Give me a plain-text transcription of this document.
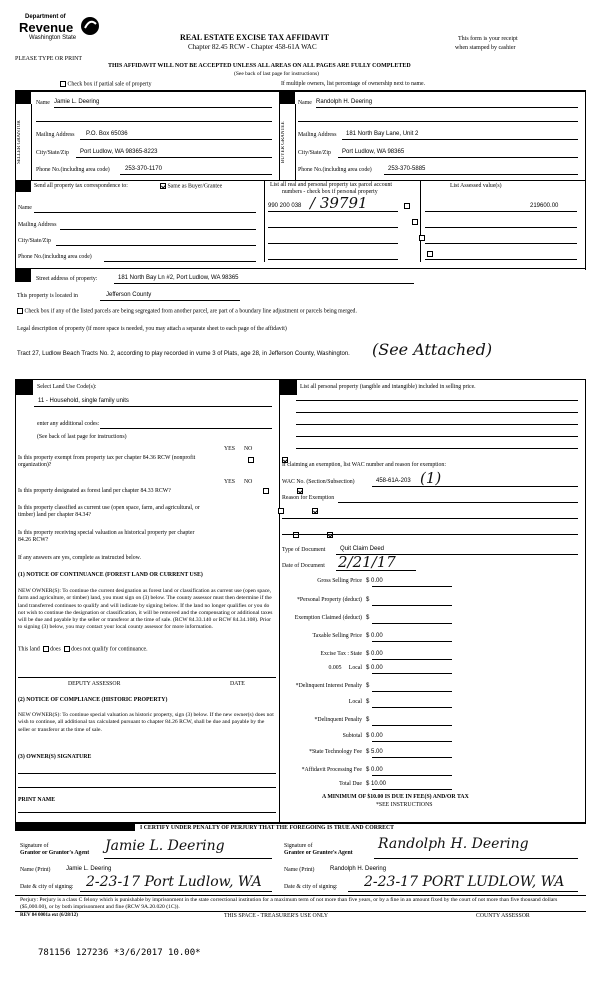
Department of
Revenue
Washington State	REAL ESTATE EXCISE TAX AFFIDAVIT
Chapter 82.45 RCW - Chapter 458-61A WAC
This form is your receipt
when stamped by cashier
PLEASE TYPE OR PRINT
THIS AFFIDAVIT WILL NOT BE ACCEPTED UNLESS ALL AREAS ON ALL PAGES ARE FULLY COMPLETED
(See back of last page for instructions)
Check box if partial sale of property	If multiple owners, list percentage of ownership next to name.
SELLER GRANTOR	BUYER GRANTEE
Name Jamie L. Deering
Mailing Address P.O. Box 65036
City/State/Zip Port Ludlow, WA 98365-8223
Phone No.(including area code)	253-370-1170
Name Randolph H. Deering
Mailing Address 181 North Bay Lane, Unit 2
City/State/Zip Port Ludlow, WA 98365
Phone No.(including area code)	253-370-5885
Send all property tax correspondence to:	Same as Buyer/Grantee	List all real and personal property tax parcel account
numbers - check box if personal property
List Assessed value(s)
Name
Mailing Address
City/State/Zip
Phone No.(including area code)
990 200 038 / 39791	219600.00

Street address of property:	181 North Bay Ln #2, Port Ludlow, WA 98365
This property is located in	Jefferson County
Check box if any of the listed parcels are being segregated from another parcel, are part of a boundary line adjustment or parcels being merged.
Legal description of property (if more space is needed, you may attach a separate sheet to each page of the affidavit)
Tract 27, Ludlow Beach Tracts No. 2, according to play recorded in vume 3 of Plats, age 28, in Jefferson County, Washington. (See Attached)
Select Land Use Code(s):
11 - Household, single family units
enter any additional codes:
(See back of last page for instructions)
YES NO
Is this property exempt from property tax per chapter 84.36 RCW (nonprofit organization)?

YES NO
Is this property designated as forest land per chapter 84.33 RCW?

Is this property classified as current use (open space, farm, and agricultural, or timber) land per chapter 84.34?

Is this property receiving special valuation as historical property per chapter 84.26 RCW?

If any answers are yes, complete as instructed below.
(1) NOTICE OF CONTINUANCE (FOREST LAND OR CURRENT USE)
NEW OWNER(S): To continue the current designation as forest land or classification as current use (open space, farm and agriculture, or timber) land, you must sign on (3) below. The county assessor must then determine if the land transferred continues to qualify and will indicate by signing below. If the land no longer qualifies or you do not wish to continue the designation or classification, it will be removed and the compensating or additional taxes will be due and payable by the seller or transferor at the time of sale. (RCW 84.33.140 or RCW 84.34.108). Prior to signing (3) below, you may contact your local county assessor for more information.
This land does does not qualify for continuance.
DEPUTY ASSESSOR	DATE
(2) NOTICE OF COMPLIANCE (HISTORIC PROPERTY)
NEW OWNER(S): To continue special valuation as historic property, sign (3) below. If the new owner(s) does not wish to continue, all additional tax calculated pursuant to chapter 84.26 RCW, shall be due and payable by the seller or transferor at the time of sale.
(3) OWNER(S) SIGNATURE
PRINT NAME
List all personal property (tangible and intangible) included in selling price.
If claiming an exemption, list WAC number and reason for exemption:
WAC No. (Section/Subsection)	458-61A-203 (1)
Reason for Exemption
Type of Document Quit Claim Deed
Date of Document 2/21/17
Gross Selling Price $ 0.00
*Personal Property (deduct) $
Exemption Claimed (deduct) $
Taxable Selling Price $ 0.00
Excise Tax : State $ 0.00
0.005     Local $ 0.00
*Delinquent Interest Penalty $
Local $
*Delinquent Penalty $
Subtotal $ 0.00
*State Technology Fee $ 5.00
*Affidavit Processing Fee $ 0.00
Total Due $ 10.00
A MINIMUM OF $10.00 IS DUE IN FEE(S) AND/OR TAX
*SEE INSTRUCTIONS
I CERTIFY UNDER PENALTY OF PERJURY THAT THE FOREGOING IS TRUE AND CORRECT
Signature of
Grantor or Grantor's Agent Jamie L. Deering	Signature of
Grantee or Grantee's Agent
Randolph H. Deering
Name (Print)	Jamie L. Deering	Name (Print)	Randolph H. Deering
Date & city of signing: 2-23-17 Port Ludlow, WA	Date & city of signing: 2-23-17 PORT LUDLOW, WA
Perjury: Perjury is a class C felony which is punishable by imprisonment in the state correctional institution for a maximum term of not more than five years, or by a fine in an amount fixed by the court of not more than five thousand dollars ($5,000.00), or by both imprisonment and fine (RCW 9A.20.020 (1C)).
REV 84 0001a ext (6/28/12)	THIS SPACE - TREASURER'S USE ONLY	COUNTY ASSESSOR
781156 127236 *3/6/2017 10.00*
